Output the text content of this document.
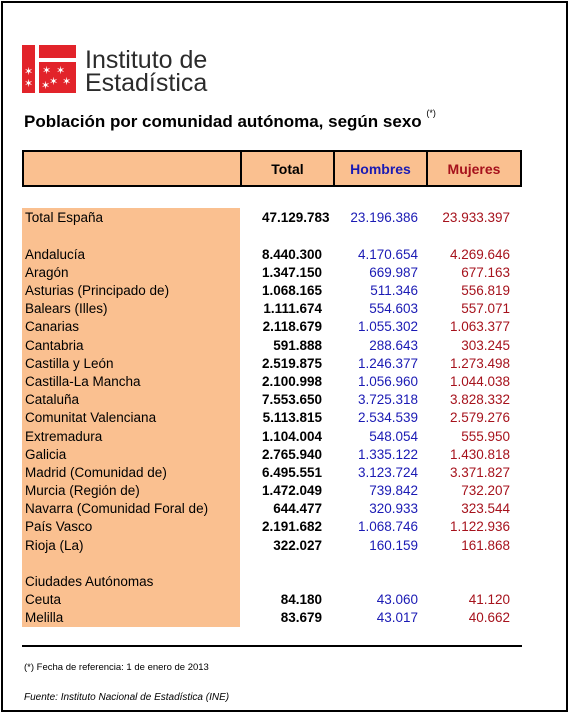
✶ ✶ ✶
✶ ✶
✶ ✶
Instituto de
Estadística
Población por comunidad autónoma, según sexo (*)
Total	Hombres	Mujeres
Total España	47.129.783	23.196.386	23.933.397
Andalucía	8.440.300	4.170.654	4.269.646
Aragón	1.347.150	669.987	677.163
Asturias (Principado de)	1.068.165	511.346	556.819
Balears (Illes)	1.111.674	554.603	557.071
Canarias	2.118.679	1.055.302	1.063.377
Cantabria	591.888	288.643	303.245
Castilla y León	2.519.875	1.246.377	1.273.498
Castilla-La Mancha	2.100.998	1.056.960	1.044.038
Cataluña	7.553.650	3.725.318	3.828.332
Comunitat Valenciana	5.113.815	2.534.539	2.579.276
Extremadura	1.104.004	548.054	555.950
Galicia	2.765.940	1.335.122	1.430.818
Madrid (Comunidad de)	6.495.551	3.123.724	3.371.827
Murcia (Región de)	1.472.049	739.842	732.207
Navarra (Comunidad Foral de)	644.477	320.933	323.544
País Vasco	2.191.682	1.068.746	1.122.936
Rioja (La)	322.027	160.159	161.868
Ciudades Autónomas
Ceuta	84.180	43.060	41.120
Melilla	83.679	43.017	40.662
(*) Fecha de referencia: 1 de enero de 2013
Fuente: Instituto Nacional de Estadística (INE)
